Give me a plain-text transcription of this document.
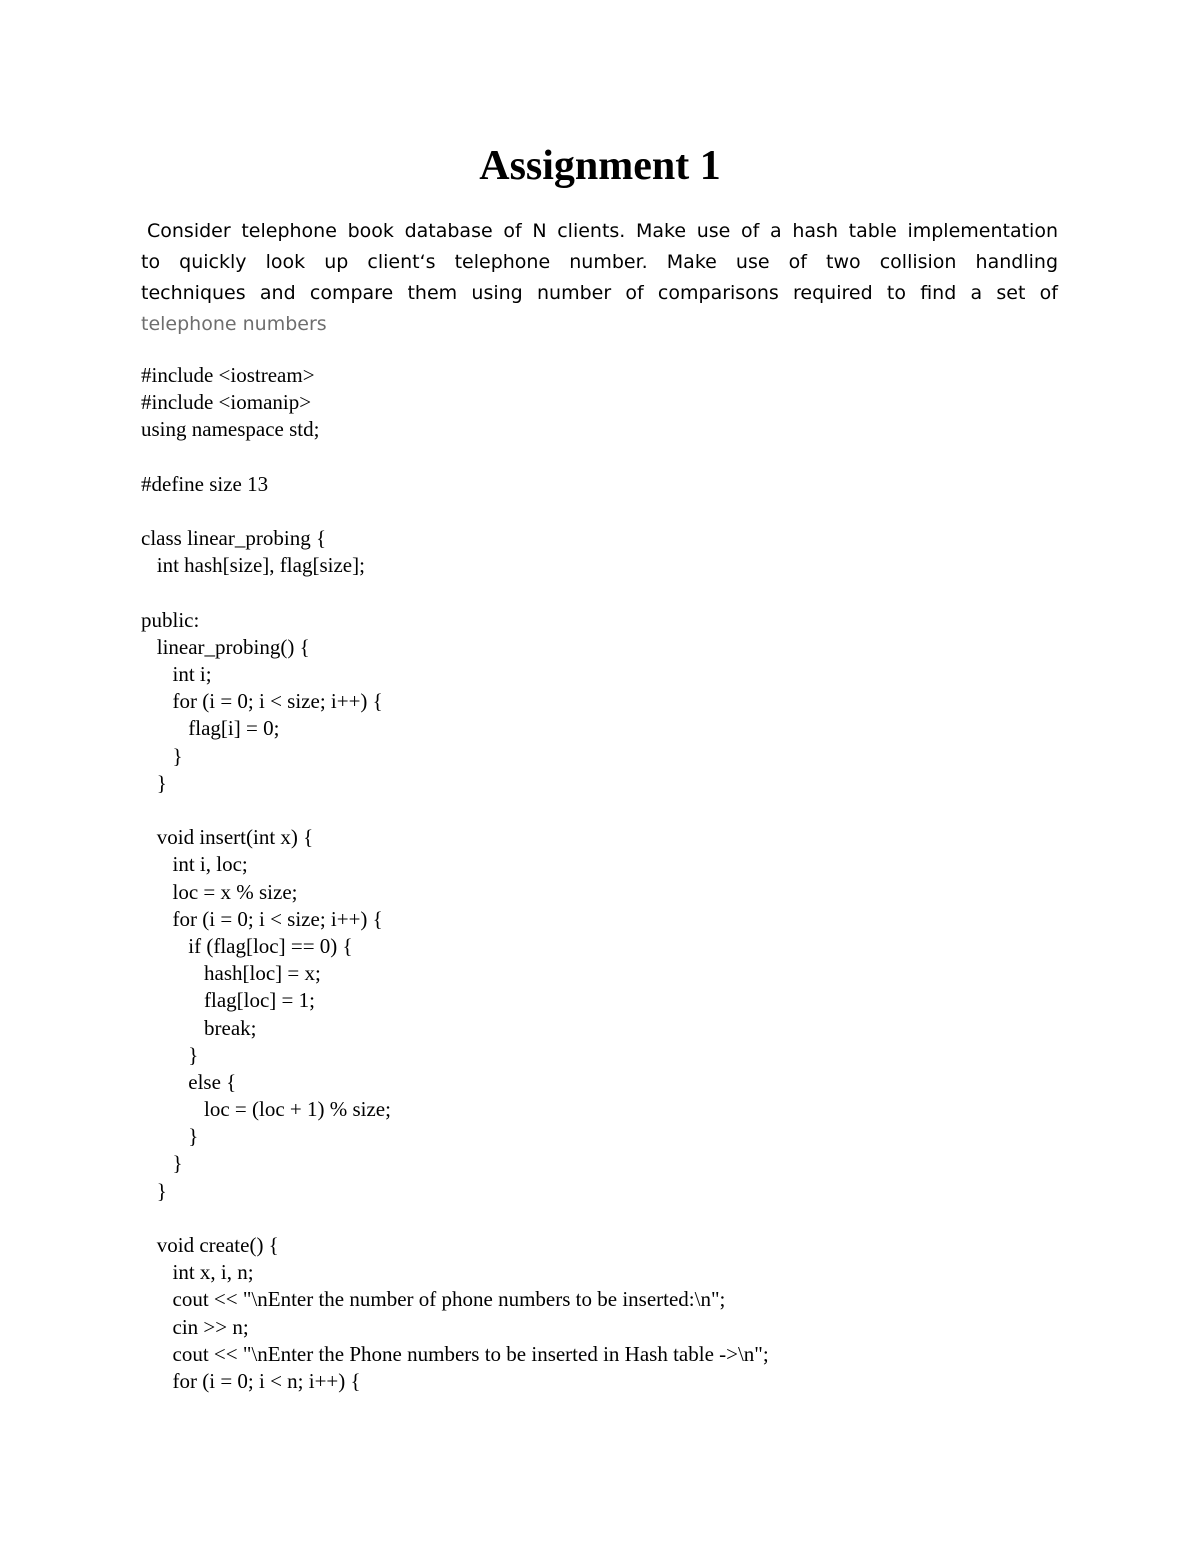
Assignment 1
Consider telephone book database of N clients. Make use of a hash table implementation
to quickly look up client‘s telephone number. Make use of two collision handling
techniques and compare them using number of comparisons required to find a set of
telephone numbers
#include <iostream>
#include <iomanip>
using namespace std;
#define size 13
class linear_probing {
int hash[size], flag[size];
public:
linear_probing() {
int i;
for (i = 0; i < size; i++) {
flag[i] = 0;
}
}
void insert(int x) {
int i, loc;
loc = x % size;
for (i = 0; i < size; i++) {
if (flag[loc] == 0) {
hash[loc] = x;
flag[loc] = 1;
break;
}
else {
loc = (loc + 1) % size;
}
}
}
void create() {
int x, i, n;
cout << "\nEnter the number of phone numbers to be inserted:\n";
cin >> n;
cout << "\nEnter the Phone numbers to be inserted in Hash table ->\n";
for (i = 0; i < n; i++) {
